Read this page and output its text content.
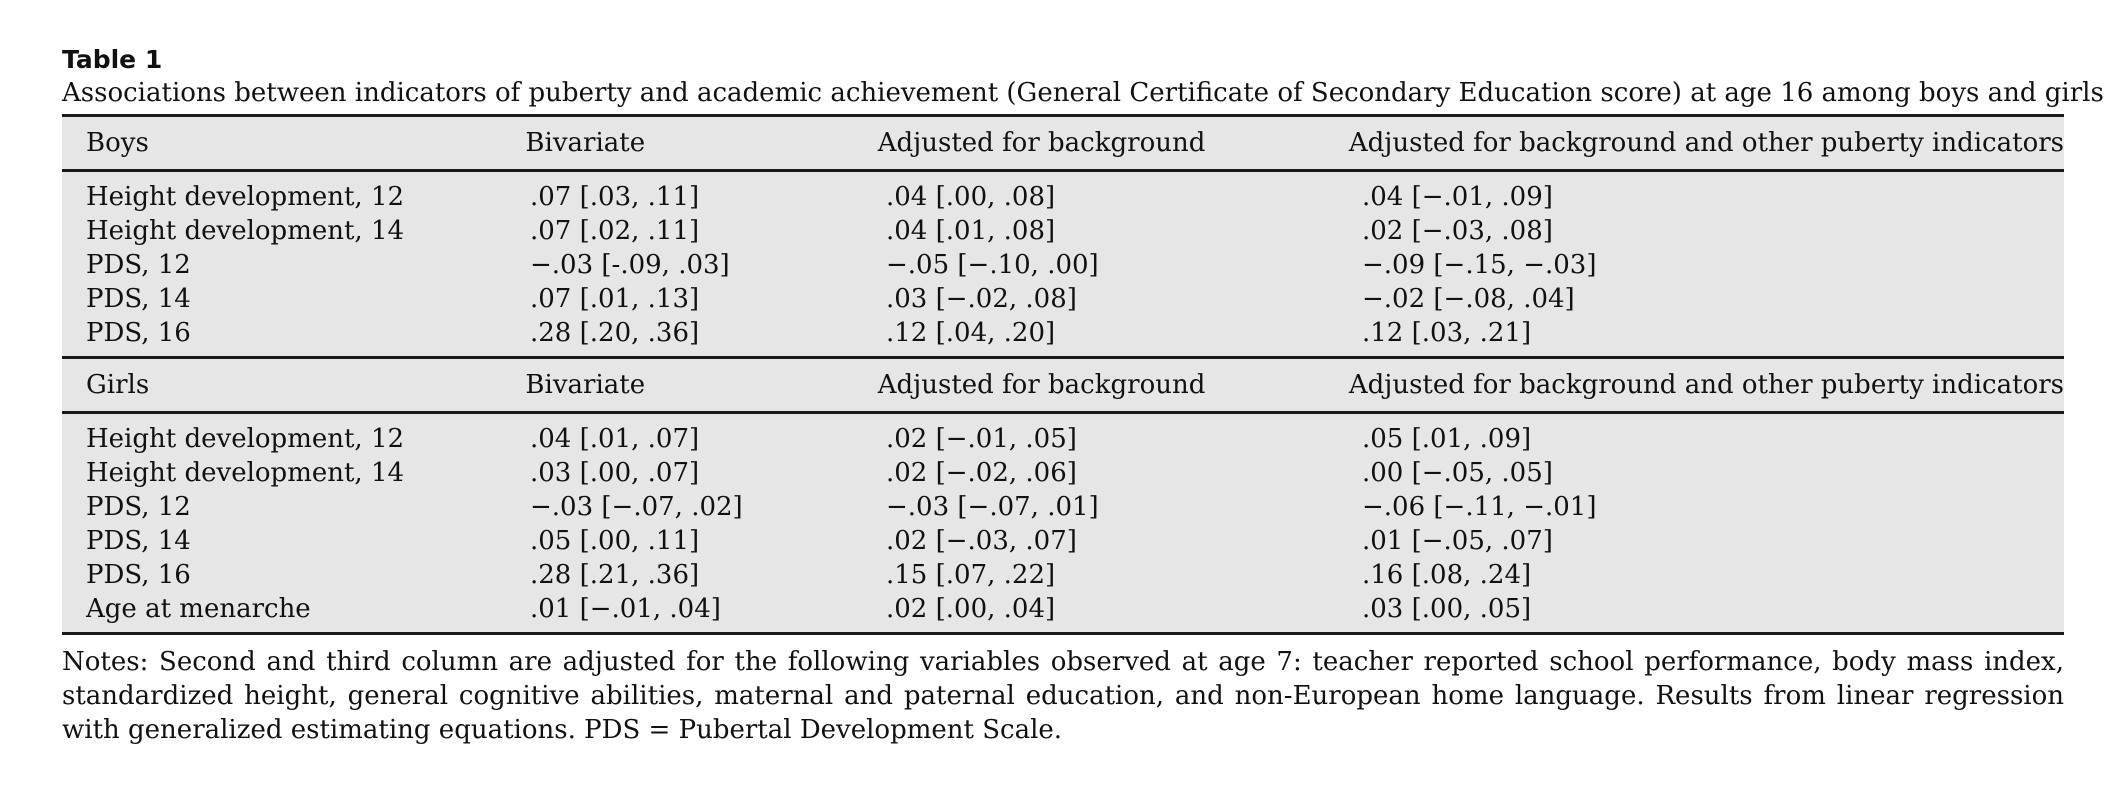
Table 1
Associations between indicators of puberty and academic achievement (General Certificate of Secondary Education score) at age 16 among boys and girls
Boys	Bivariate	Adjusted for background	Adjusted for background and other puberty indicators
Height development, 12	.07 [.03, .11]	.04 [.00, .08]	.04 [−.01, .09]
Height development, 14	.07 [.02, .11]	.04 [.01, .08]	.02 [−.03, .08]
PDS, 12	−.03 [-.09, .03]	−.05 [−.10, .00]	−.09 [−.15, −.03]
PDS, 14	.07 [.01, .13]	.03 [−.02, .08]	−.02 [−.08, .04]
PDS, 16	.28 [.20, .36]	.12 [.04, .20]	.12 [.03, .21]
Girls	Bivariate	Adjusted for background	Adjusted for background and other puberty indicators
Height development, 12	.04 [.01, .07]	.02 [−.01, .05]	.05 [.01, .09]
Height development, 14	.03 [.00, .07]	.02 [−.02, .06]	.00 [−.05, .05]
PDS, 12	−.03 [−.07, .02]	−.03 [−.07, .01]	−.06 [−.11, −.01]
PDS, 14	.05 [.00, .11]	.02 [−.03, .07]	.01 [−.05, .07]
PDS, 16	.28 [.21, .36]	.15 [.07, .22]	.16 [.08, .24]
Age at menarche	.01 [−.01, .04]	.02 [.00, .04]	.03 [.00, .05]
Notes: Second and third column are adjusted for the following variables observed at age 7: teacher reported school performance, body mass index, standardized height, general cognitive abilities, maternal and paternal education, and non-European home language. Results from linear regression with generalized estimating equations. PDS = Pubertal Development Scale.
